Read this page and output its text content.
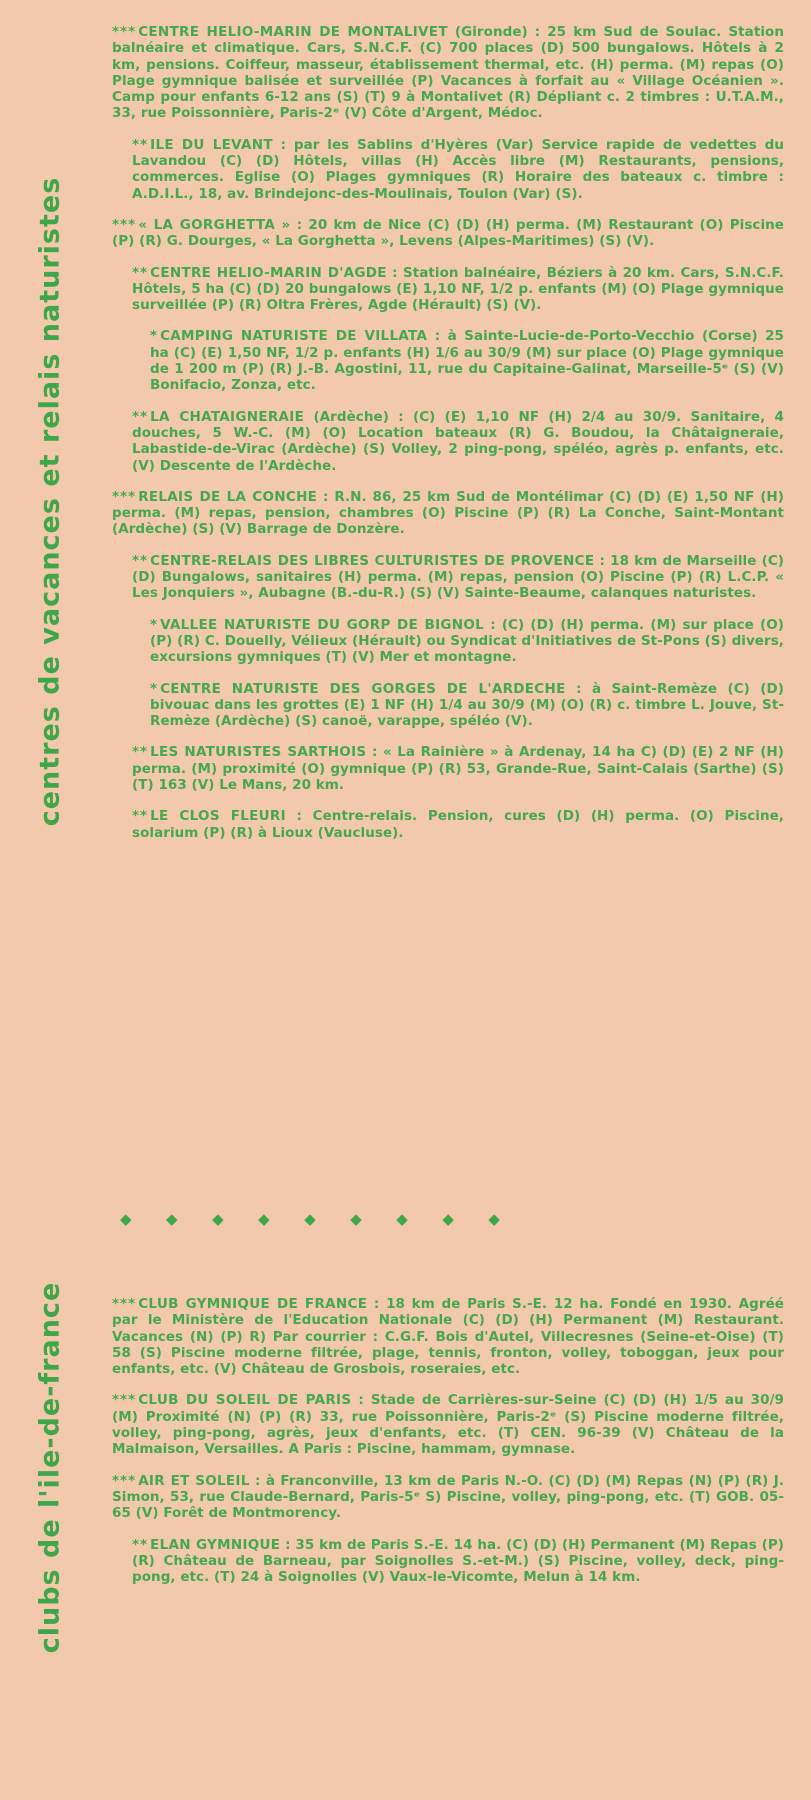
centres de vacances et relais naturistes
clubs de l'ile-de-france

*** CENTRE HELIO-MARIN DE MONTALIVET (Gironde) : 25 km Sud de Soulac. Station balnéaire et climatique. Cars, S.N.C.F. (C) 700 places (D) 500 bungalows. Hôtels à 2 km, pensions. Coiffeur, masseur, établissement thermal, etc. (H) perma. (M) repas (O) Plage gymnique balisée et surveillée (P) Vacances à forfait au « Village Océanien ». Camp pour enfants 6-12 ans (S) (T) 9 à Montalivet (R) Dépliant c. 2 timbres : U.T.A.M., 33, rue Poissonnière, Paris-2ᵉ (V) Côte d'Argent, Médoc.

** ILE DU LEVANT : par les Sablins d'Hyères (Var) Service rapide de vedettes du Lavandou (C) (D) Hôtels, villas (H) Accès libre (M) Restaurants, pensions, commerces. Eglise (O) Plages gymniques (R) Horaire des bateaux c. timbre : A.D.I.L., 18, av. Brindejonc-des-Moulinais, Toulon (Var) (S).

*** « LA GORGHETTA » : 20 km de Nice (C) (D) (H) perma. (M) Restaurant (O) Piscine (P) (R) G. Dourges, « La Gorghetta », Levens (Alpes-Maritimes) (S) (V).

** CENTRE HELIO-MARIN D'AGDE : Station balnéaire, Béziers à 20 km. Cars, S.N.C.F. Hôtels, 5 ha (C) (D) 20 bungalows (E) 1,10 NF, 1/2 p. enfants (M) (O) Plage gymnique surveillée (P) (R) Oltra Frères, Agde (Hérault) (S) (V).

* CAMPING NATURISTE DE VILLATA : à Sainte-Lucie-de-Porto-Vecchio (Corse) 25 ha (C) (E) 1,50 NF, 1/2 p. enfants (H) 1/6 au 30/9 (M) sur place (O) Plage gymnique de 1 200 m (P) (R) J.-B. Agostini, 11, rue du Capitaine-Galinat, Marseille-5ᵉ (S) (V) Bonifacio, Zonza, etc.

** LA CHATAIGNERAIE (Ardèche) : (C) (E) 1,10 NF (H) 2/4 au 30/9. Sanitaire, 4 douches, 5 W.-C. (M) (O) Location bateaux (R) G. Boudou, la Châtaigneraie, Labastide-de-Virac (Ardèche) (S) Volley, 2 ping-pong, spéléo, agrès p. enfants, etc. (V) Descente de l'Ardèche.

*** RELAIS DE LA CONCHE : R.N. 86, 25 km Sud de Montélimar (C) (D) (E) 1,50 NF (H) perma. (M) repas, pension, chambres (O) Piscine (P) (R) La Conche, Saint-Montant (Ardèche) (S) (V) Barrage de Donzère.

** CENTRE-RELAIS DES LIBRES CULTURISTES DE PROVENCE : 18 km de Marseille (C) (D) Bungalows, sanitaires (H) perma. (M) repas, pension (O) Piscine (P) (R) L.C.P. « Les Jonquiers », Aubagne (B.-du-R.) (S) (V) Sainte-Beaume, calanques naturistes.

* VALLEE NATURISTE DU GORP DE BIGNOL : (C) (D) (H) perma. (M) sur place (O) (P) (R) C. Douelly, Vélieux (Hérault) ou Syndicat d'Initiatives de St-Pons (S) divers, excursions gymniques (T) (V) Mer et montagne.

* CENTRE NATURISTE DES GORGES DE L'ARDECHE : à Saint-Remèze (C) (D) bivouac dans les grottes (E) 1 NF (H) 1/4 au 30/9 (M) (O) (R) c. timbre L. Jouve, St-Remèze (Ardèche) (S) canoë, varappe, spéléo (V).

** LES NATURISTES SARTHOIS : « La Rainière » à Ardenay, 14 ha C) (D) (E) 2 NF (H) perma. (M) proximité (O) gymnique (P) (R) 53, Grande-Rue, Saint-Calais (Sarthe) (S) (T) 163 (V) Le Mans, 20 km.

** LE CLOS FLEURI : Centre-relais. Pension, cures (D) (H) perma. (O) Piscine, solarium (P) (R) à Lioux (Vaucluse).

◆ ◆ ◆ ◆ ◆ ◆ ◆ ◆ ◆

*** CLUB GYMNIQUE DE FRANCE : 18 km de Paris S.-E. 12 ha. Fondé en 1930. Agréé par le Ministère de l'Education Nationale (C) (D) (H) Permanent (M) Restaurant. Vacances (N) (P) R) Par courrier : C.G.F. Bois d'Autel, Villecresnes (Seine-et-Oise) (T) 58 (S) Piscine moderne filtrée, plage, tennis, fronton, volley, toboggan, jeux pour enfants, etc. (V) Château de Grosbois, roseraies, etc.

*** CLUB DU SOLEIL DE PARIS : Stade de Carrières-sur-Seine (C) (D) (H) 1/5 au 30/9 (M) Proximité (N) (P) (R) 33, rue Poissonnière, Paris-2ᵉ (S) Piscine moderne filtrée, volley, ping-pong, agrès, jeux d'enfants, etc. (T) CEN. 96-39 (V) Château de la Malmaison, Versailles. A Paris : Piscine, hammam, gymnase.

*** AIR ET SOLEIL : à Franconville, 13 km de Paris N.-O. (C) (D) (M) Repas (N) (P) (R) J. Simon, 53, rue Claude-Bernard, Paris-5ᵉ S) Piscine, volley, ping-pong, etc. (T) GOB. 05-65 (V) Forêt de Montmorency.

** ELAN GYMNIQUE : 35 km de Paris S.-E. 14 ha. (C) (D) (H) Permanent (M) Repas (P) (R) Château de Barneau, par Soignolles S.-et-M.) (S) Piscine, volley, deck, ping-pong, etc. (T) 24 à Soignolles (V) Vaux-le-Vicomte, Melun à 14 km.
